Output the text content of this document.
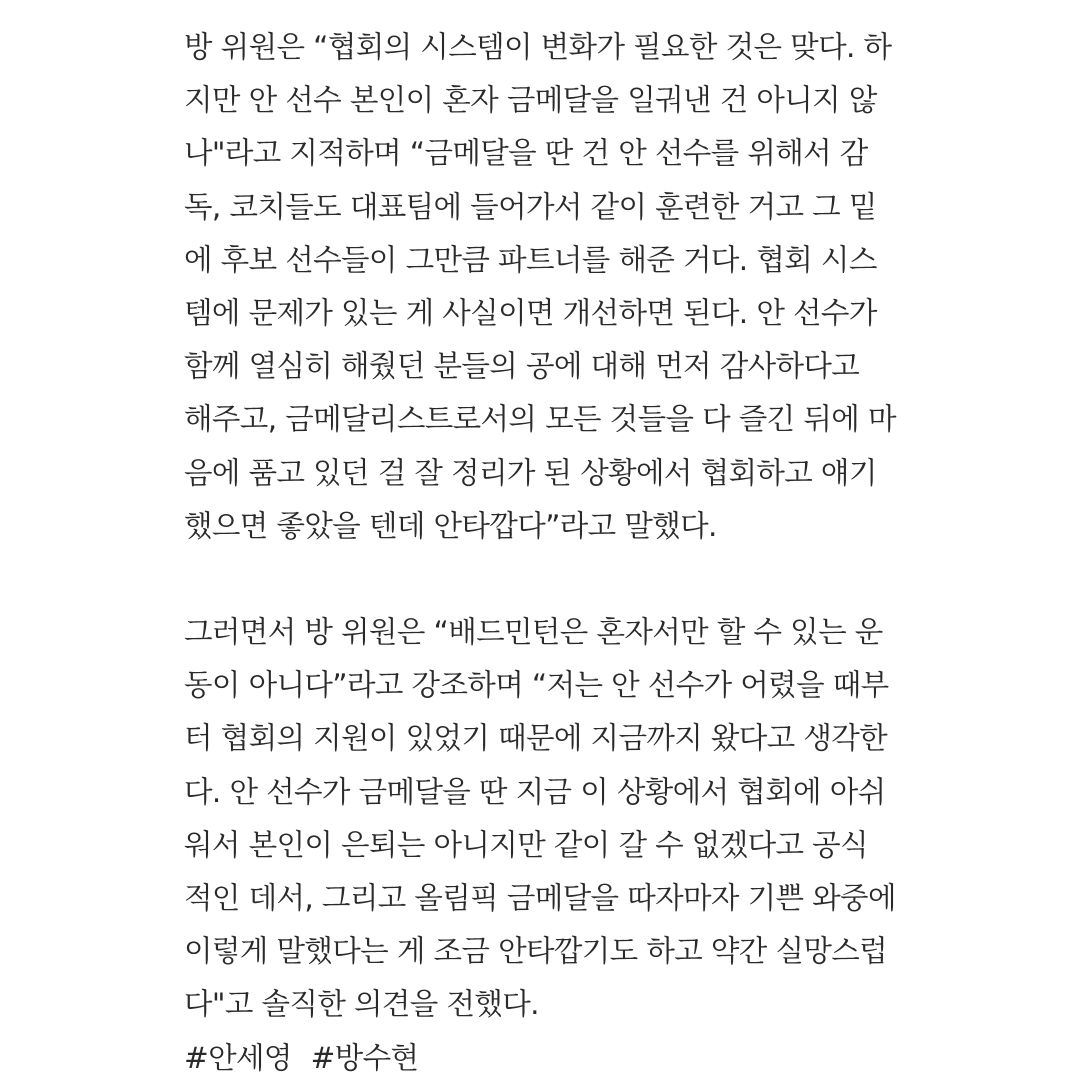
방 위원은 “협회의 시스템이 변화가 필요한 것은 맞다. 하
지만 안 선수 본인이 혼자 금메달을 일궈낸 건 아니지 않
나"라고 지적하며 “금메달을 딴 건 안 선수를 위해서 감
독, 코치들도 대표팀에 들어가서 같이 훈련한 거고 그 밑
에 후보 선수들이 그만큼 파트너를 해준 거다. 협회 시스
템에 문제가 있는 게 사실이면 개선하면 된다. 안 선수가
함께 열심히 해줬던 분들의 공에 대해 먼저 감사하다고
해주고, 금메달리스트로서의 모든 것들을 다 즐긴 뒤에 마
음에 품고 있던 걸 잘 정리가 된 상황에서 협회하고 얘기
했으면 좋았을 텐데 안타깝다”라고 말했다.
그러면서 방 위원은 “배드민턴은 혼자서만 할 수 있는 운
동이 아니다”라고 강조하며 “저는 안 선수가 어렸을 때부
터 협회의 지원이 있었기 때문에 지금까지 왔다고 생각한
다. 안 선수가 금메달을 딴 지금 이 상황에서 협회에 아쉬
워서 본인이 은퇴는 아니지만 같이 갈 수 없겠다고 공식
적인 데서, 그리고 올림픽 금메달을 따자마자 기쁜 와중에
이렇게 말했다는 게 조금 안타깝기도 하고 약간 실망스럽
다"고 솔직한 의견을 전했다.
#안세영 #방수현
